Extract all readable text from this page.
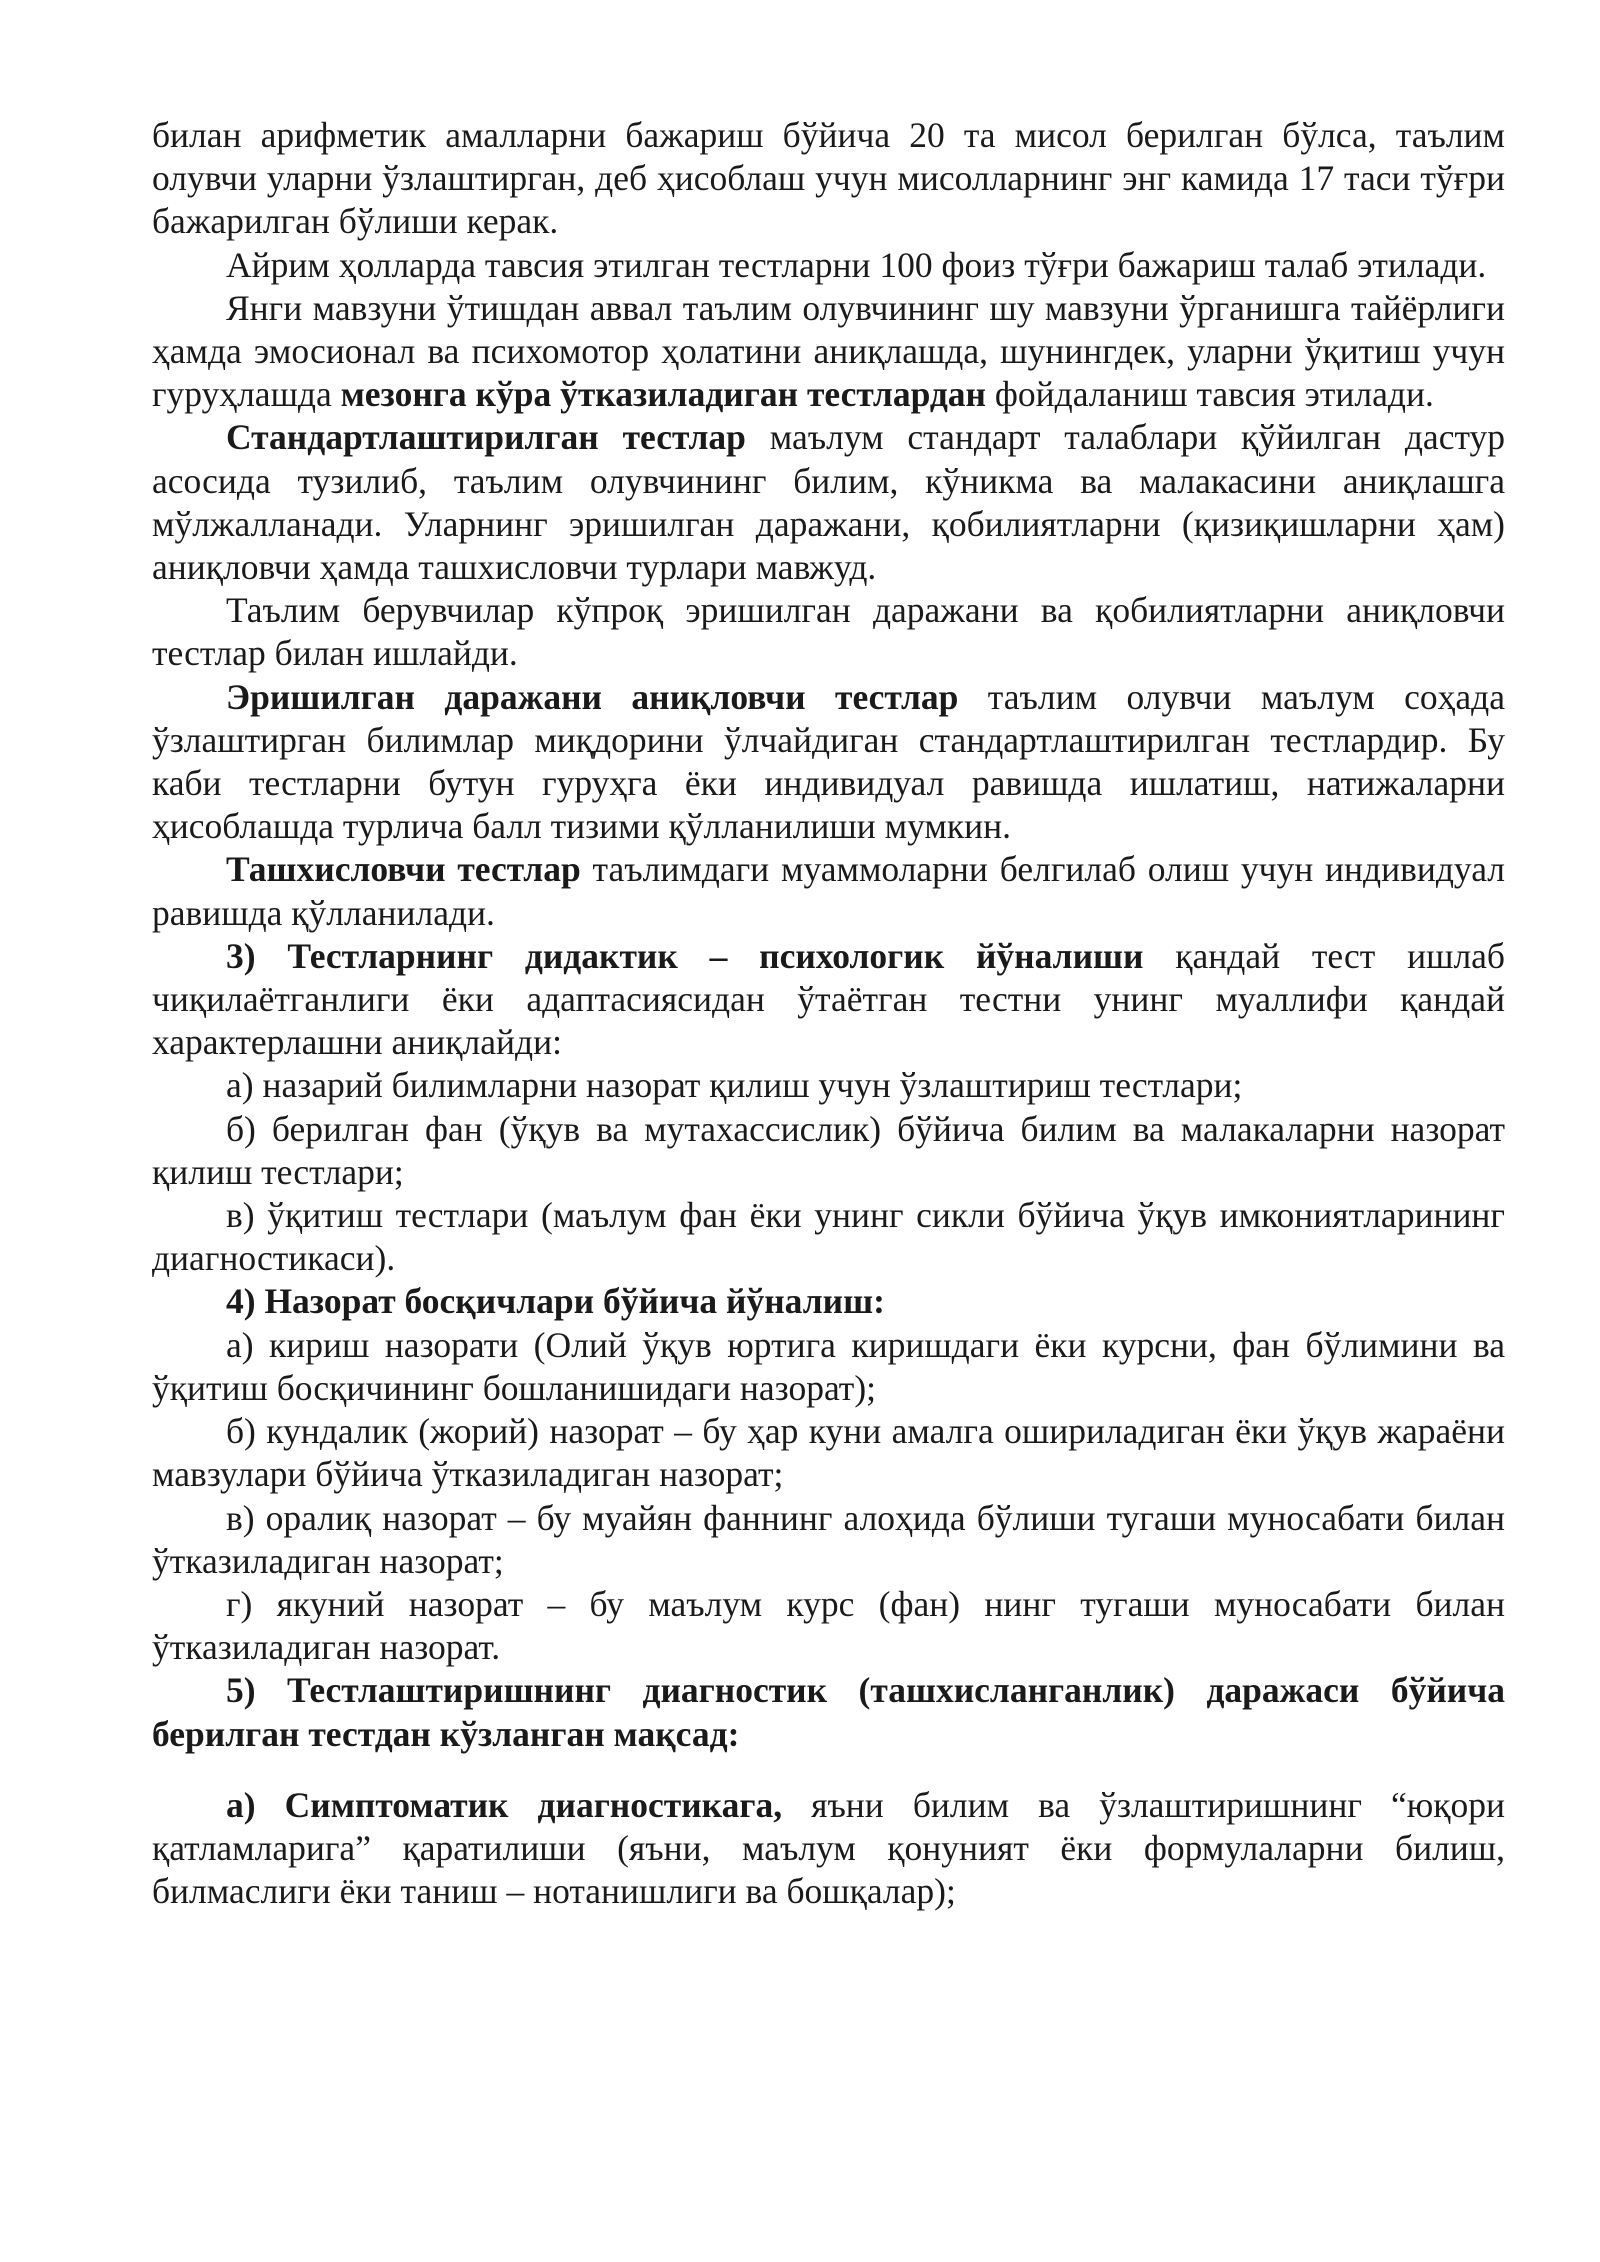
билан арифметик амалларни бажариш бўйича 20 та мисол берилган бўлса, таълим олувчи уларни ўзлаштирган, деб ҳисоблаш учун мисолларнинг энг камида 17 таси тўғри бажарилган бўлиши керак.

Айрим ҳолларда тавсия этилган тестларни 100 фоиз тўғри бажариш талаб этилади.

Янги мавзуни ўтишдан аввал таълим олувчининг шу мавзуни ўрганишга тайёрлиги ҳамда эмосионал ва психомотор ҳолатини аниқлашда, шунингдек, уларни ўқитиш учун гуруҳлашда мезонга кўра ўтказиладиган тестлардан фойдаланиш тавсия этилади.

Стандартлаштирилган тестлар маълум стандарт талаблари қўйилган дастур асосида тузилиб, таълим олувчининг билим, кўникма ва малакасини аниқлашга мўлжалланади. Уларнинг эришилган даражани, қобилиятларни (қизиқишларни ҳам) аниқловчи ҳамда ташхисловчи турлари мавжуд.

Таълим берувчилар кўпроқ эришилган даражани ва қобилиятларни аниқловчи тестлар билан ишлайди.

Эришилган даражани аниқловчи тестлар таълим олувчи маълум соҳада ўзлаштирган билимлар миқдорини ўлчайдиган стандартлаштирилган тестлардир. Бу каби тестларни бутун гуруҳга ёки индивидуал равишда ишлатиш, натижаларни ҳисоблашда турлича балл тизими қўлланилиши мумкин.

Ташхисловчи тестлар таълимдаги муаммоларни белгилаб олиш учун индивидуал равишда қўлланилади.

3) Тестларнинг дидактик – психологик йўналиши қандай тест ишлаб чиқилаётганлиги ёки адаптасиясидан ўтаётган тестни унинг муаллифи қандай характерлашни аниқлайди:

а) назарий билимларни назорат қилиш учун ўзлаштириш тестлари;

б) берилган фан (ўқув ва мутахассислик) бўйича билим ва малакаларни назорат қилиш тестлари;

в) ўқитиш тестлари (маълум фан ёки унинг сикли бўйича ўқув имкониятларининг диагностикаси).

4) Назорат босқичлари бўйича йўналиш:

а) кириш назорати (Олий ўқув юртига киришдаги ёки курсни, фан бўлимини ва ўқитиш босқичининг бошланишидаги назорат);

б) кундалик (жорий) назорат – бу ҳар куни амалга ошириладиган ёки ўқув жараёни мавзулари бўйича ўтказиладиган назорат;

в) оралиқ назорат – бу муайян фаннинг алоҳида бўлиши тугаши муносабати билан ўтказиладиган назорат;

г) якуний назорат – бу маълум курс (фан) нинг тугаши муносабати билан ўтказиладиган назорат.

5) Тестлаштиришнинг диагностик (ташхисланганлик) даражаси бўйича берилган тестдан кўзланган мақсад:

а) Симптоматик диагностикага, яъни билим ва ўзлаштиришнинг “юқори қатламларига” қаратилиши (яъни, маълум қонуният ёки формулаларни билиш, билмаслиги ёки таниш – нотанишлиги ва бошқалар);
